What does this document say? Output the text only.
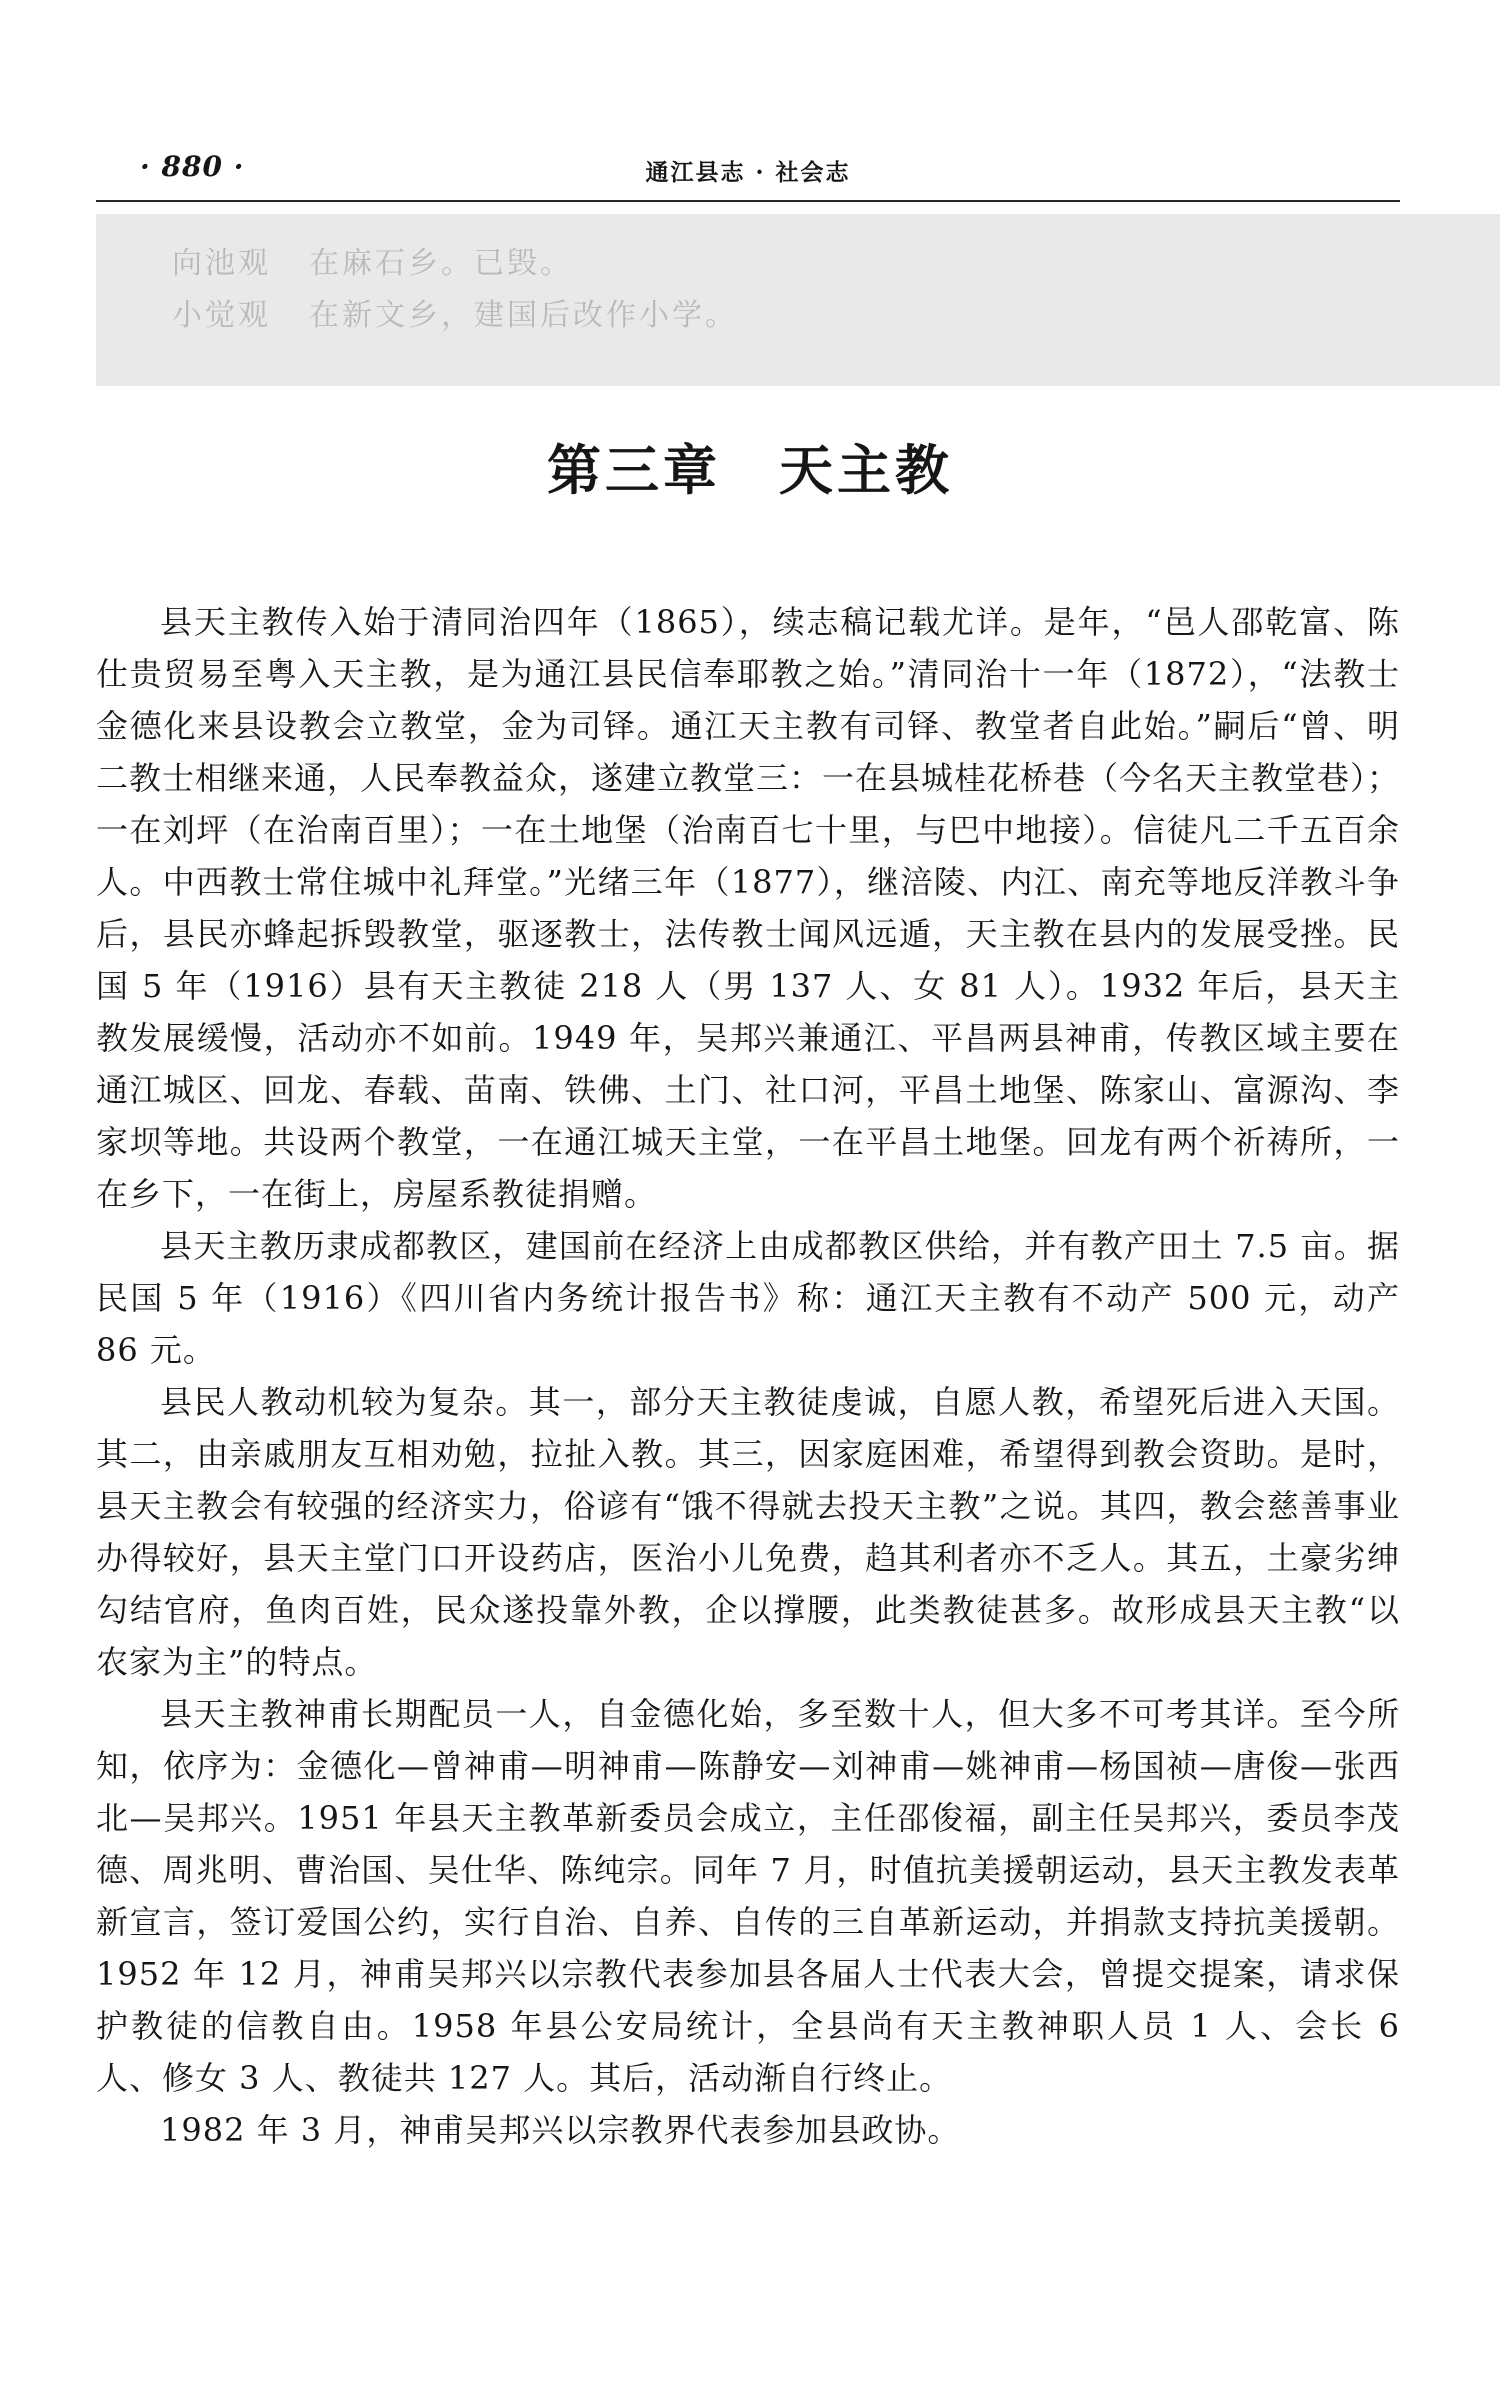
· 880 ·	通江县志 · 社会志
向池观 在麻石乡。已毁。
小觉观 在新文乡，建国后改作小学。
第三章　天主教

县天主教传入始于清同治四年（1865），续志稿记载尤详。是年，“邑人邵乾富、陈仕贵贸易至粤入天主教，是为通江县民信奉耶教之始。”清同治十一年（1872），“法教士金德化来县设教会立教堂，金为司铎。通江天主教有司铎、教堂者自此始。”嗣后“曾、明二教士相继来通，人民奉教益众，遂建立教堂三：一在县城桂花桥巷（今名天主教堂巷）；一在刘坪（在治南百里）；一在土地堡（治南百七十里，与巴中地接）。信徒凡二千五百余人。中西教士常住城中礼拜堂。”光绪三年（1877），继涪陵、内江、南充等地反洋教斗争后，县民亦蜂起拆毁教堂，驱逐教士，法传教士闻风远遁，天主教在县内的发展受挫。民国 5 年（1916）县有天主教徒 218 人（男 137 人、女 81 人）。1932 年后，县天主教发展缓慢，活动亦不如前。1949 年，吴邦兴兼通江、平昌两县神甫，传教区域主要在通江城区、回龙、春载、苗南、铁佛、土门、社口河，平昌土地堡、陈家山、富源沟、李家坝等地。共设两个教堂，一在通江城天主堂，一在平昌土地堡。回龙有两个祈祷所，一在乡下，一在街上，房屋系教徒捐赠。

县天主教历隶成都教区，建国前在经济上由成都教区供给，并有教产田土 7.5 亩。据民国 5 年（1916）《四川省内务统计报告书》称：通江天主教有不动产 500 元，动产 86 元。

县民人教动机较为复杂。其一，部分天主教徒虔诚，自愿人教，希望死后进入天国。其二，由亲戚朋友互相劝勉，拉扯入教。其三，因家庭困难，希望得到教会资助。是时，县天主教会有较强的经济实力，俗谚有“饿不得就去投天主教”之说。其四，教会慈善事业办得较好，县天主堂门口开设药店，医治小儿免费，趋其利者亦不乏人。其五，土豪劣绅勾结官府，鱼肉百姓，民众遂投靠外教，企以撑腰，此类教徒甚多。故形成县天主教“以农家为主”的特点。

县天主教神甫长期配员一人，自金德化始，多至数十人，但大多不可考其详。至今所知，依序为：金德化—曾神甫—明神甫—陈静安—刘神甫—姚神甫—杨国祯—唐俊—张西北—吴邦兴。1951 年县天主教革新委员会成立，主任邵俊福，副主任吴邦兴，委员李茂德、周兆明、曹治国、吴仕华、陈纯宗。同年 7 月，时值抗美援朝运动，县天主教发表革新宣言，签订爱国公约，实行自治、自养、自传的三自革新运动，并捐款支持抗美援朝。1952 年 12 月，神甫吴邦兴以宗教代表参加县各届人士代表大会，曾提交提案，请求保护教徒的信教自由。1958 年县公安局统计，全县尚有天主教神职人员 1 人、会长 6 人、修女 3 人、教徒共 127 人。其后，活动渐自行终止。

1982 年 3 月，神甫吴邦兴以宗教界代表参加县政协。
